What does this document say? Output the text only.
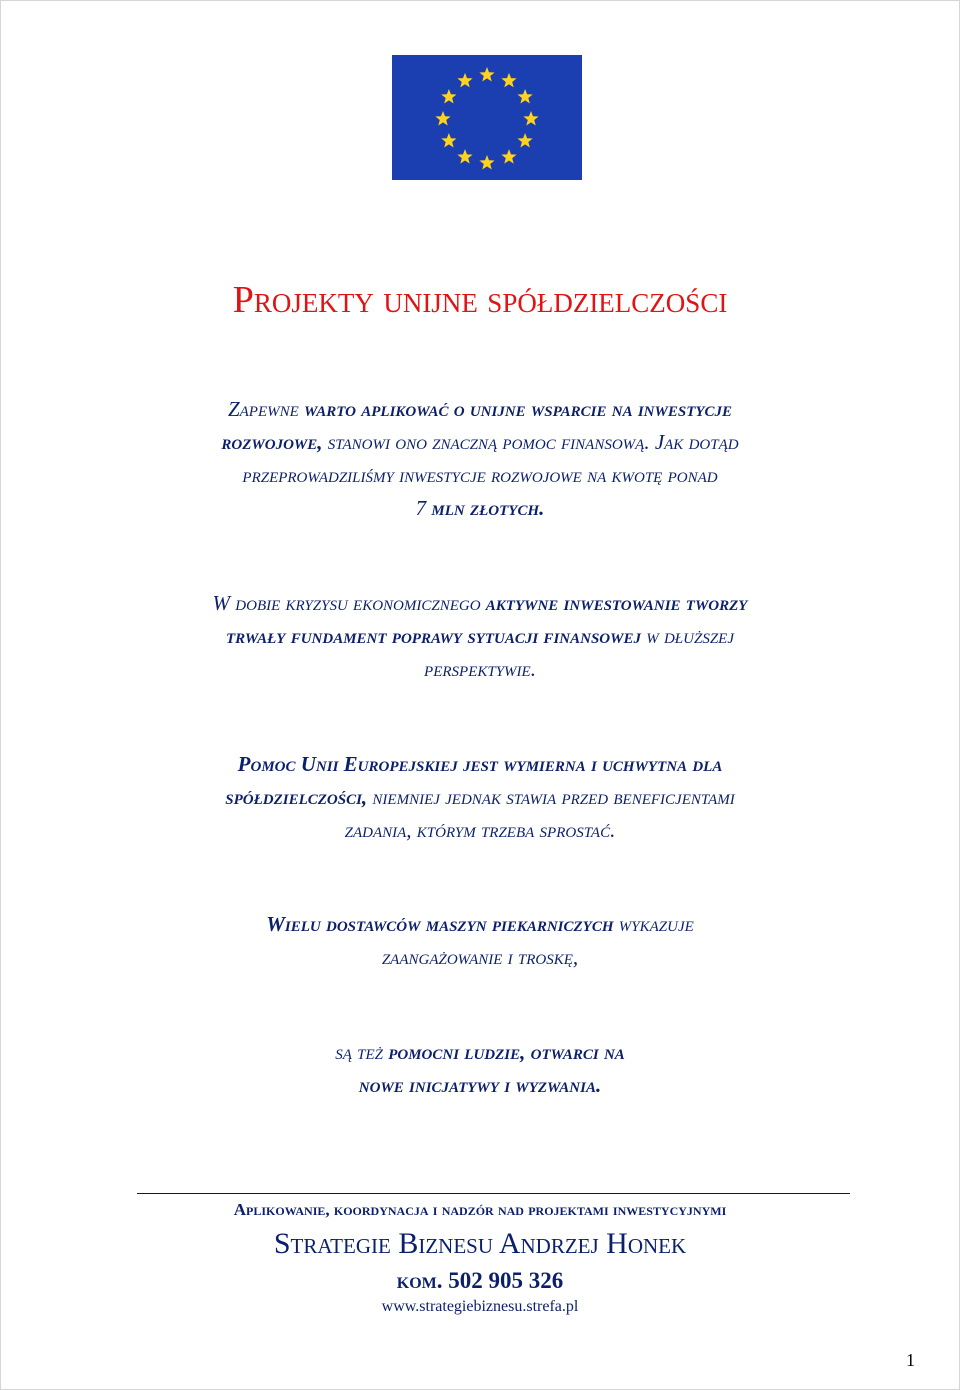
Projekty unijne spółdzielczości
Zapewne warto aplikować o unijne wsparcie na inwestycje
rozwojowe, stanowi ono znaczną pomoc finansową. Jak dotąd
przeprowadziliśmy inwestycje rozwojowe na kwotę ponad
7 mln złotych.
W dobie kryzysu ekonomicznego aktywne inwestowanie tworzy
trwały fundament poprawy sytuacji finansowej w dłuższej
perspektywie.
Pomoc Unii Europejskiej jest wymierna i uchwytna dla
spółdzielczości, niemniej jednak stawia przed beneficjentami
zadania, którym trzeba sprostać.
Wielu dostawców maszyn piekarniczych wykazuje
zaangażowanie i troskę,
są też pomocni ludzie, otwarci na
nowe inicjatywy i wyzwania.
Aplikowanie, koordynacja i nadzór nad projektami inwestycyjnymi
Strategie Biznesu Andrzej Honek
kom. 502 905 326
www.strategiebiznesu.strefa.pl
1
